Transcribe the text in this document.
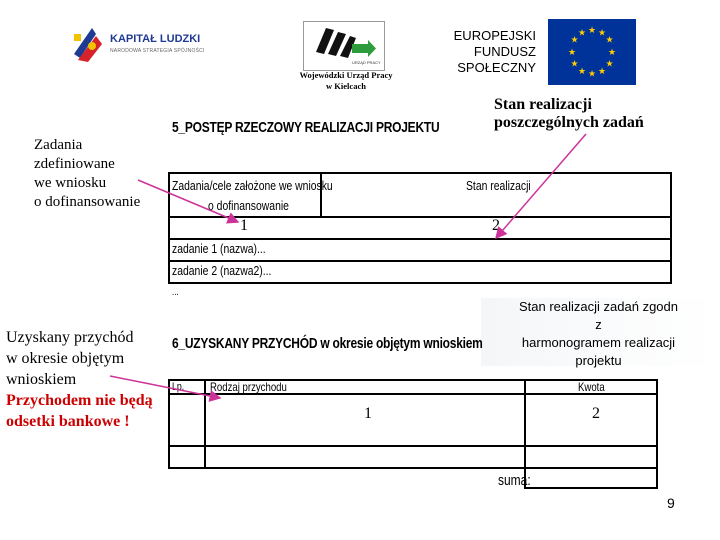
KAPITAŁ LUDZKI
NARODOWA STRATEGIA SPÓJNOŚCI
URZĄD PRACY
Wojewódzki Urząd Pracy
w Kielcach
EUROPEJSKI
FUNDUSZ
SPOŁECZNY
★ ★
★
★
★
★
★
★
★
★
★
★
Stan realizacji
poszczególnych zadań
5_POSTĘP RZECZOWY REALIZACJI PROJEKTU
Zadania
zdefiniowane
we wniosku
o dofinansowanie
Zadania/cele założone we wniosku
o dofinansowanie
Stan realizacji
1	2
zadanie 1 (nazwa)...
zadanie 2 (nazwa2)...
...
Stan realizacji zadań zgodn
z
harmonogramem realizacji
projektu
6_UZYSKANY PRZYCHÓD w okresie objętym wnioskiem
Uzyskany przychód
w okresie objętym
wnioskiem
Przychodem nie będą
odsetki bankowe !
Lp. Rodzaj przychodu	Kwota
1	2
suma:
9
